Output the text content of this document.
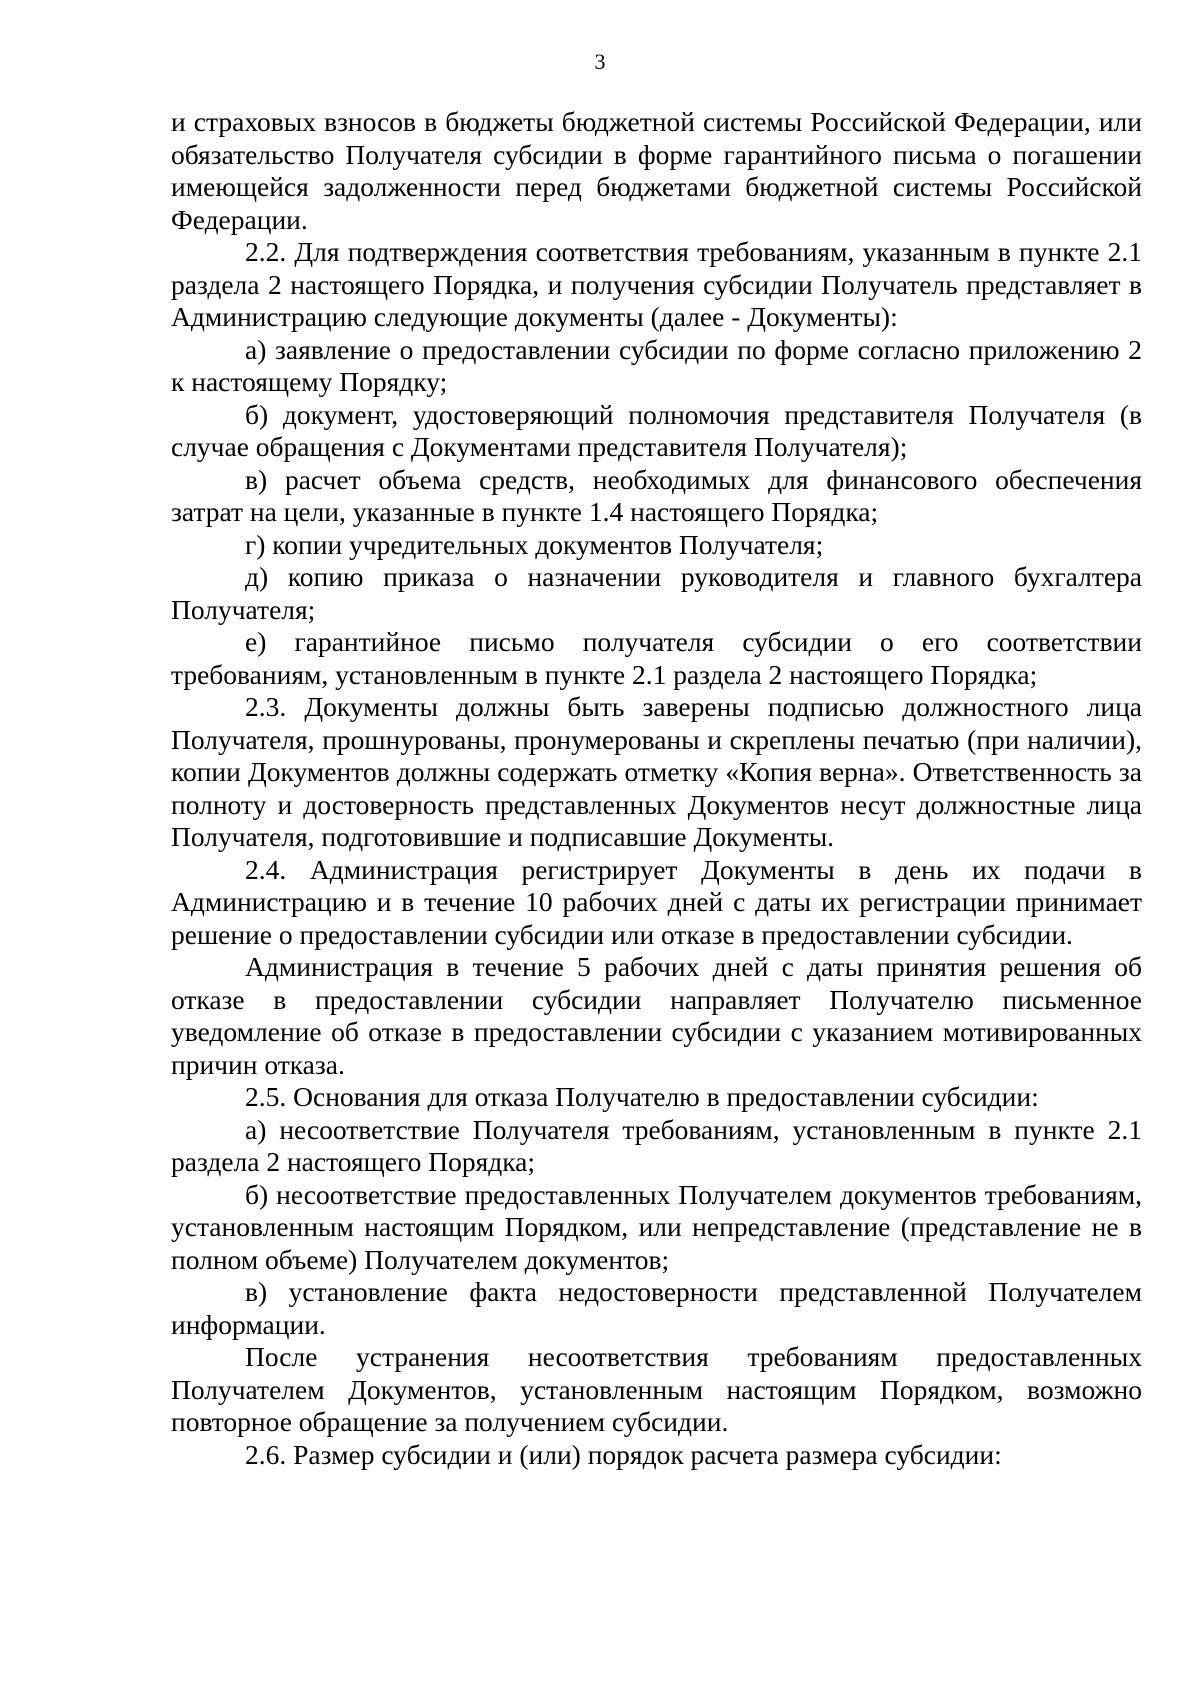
3

и страховых взносов в бюджеты бюджетной системы Российской Федерации, или обязательство Получателя субсидии в форме гарантийного письма о погашении имеющейся задолженности перед бюджетами бюджетной системы Российской Федерации.

2.2. Для подтверждения соответствия требованиям, указанным в пункте 2.1 раздела 2 настоящего Порядка, и получения субсидии Получатель представляет в Администрацию следующие документы (далее - Документы):

а) заявление о предоставлении субсидии по форме согласно приложению 2 к настоящему Порядку;

б) документ, удостоверяющий полномочия представителя Получателя (в случае обращения с Документами представителя Получателя);

в) расчет объема средств, необходимых для финансового обеспечения затрат на цели, указанные в пункте 1.4 настоящего Порядка;

г) копии учредительных документов Получателя;

д) копию приказа о назначении руководителя и главного бухгалтера Получателя;

е) гарантийное письмо получателя субсидии о его соответствии требованиям, установленным в пункте 2.1 раздела 2 настоящего Порядка;

2.3. Документы должны быть заверены подписью должностного лица Получателя, прошнурованы, пронумерованы и скреплены печатью (при наличии), копии Документов должны содержать отметку «Копия верна». Ответственность за полноту и достоверность представленных Документов несут должностные лица Получателя, подготовившие и подписавшие Документы.

2.4. Администрация регистрирует Документы в день их подачи в Администрацию и в течение 10 рабочих дней с даты их регистрации принимает решение о предоставлении субсидии или отказе в предоставлении субсидии.

Администрация в течение 5 рабочих дней с даты принятия решения об отказе в предоставлении субсидии направляет Получателю письменное уведомление об отказе в предоставлении субсидии с указанием мотивированных причин отказа.

2.5. Основания для отказа Получателю в предоставлении субсидии:

а) несоответствие Получателя требованиям, установленным в пункте 2.1 раздела 2 настоящего Порядка;

б) несоответствие предоставленных Получателем документов требованиям, установленным настоящим Порядком, или непредставление (представление не в полном объеме) Получателем документов;

в) установление факта недостоверности представленной Получателем информации.

После устранения несоответствия требованиям предоставленных Получателем Документов, установленным настоящим Порядком, возможно повторное обращение за получением субсидии.

2.6. Размер субсидии и (или) порядок расчета размера субсидии:
